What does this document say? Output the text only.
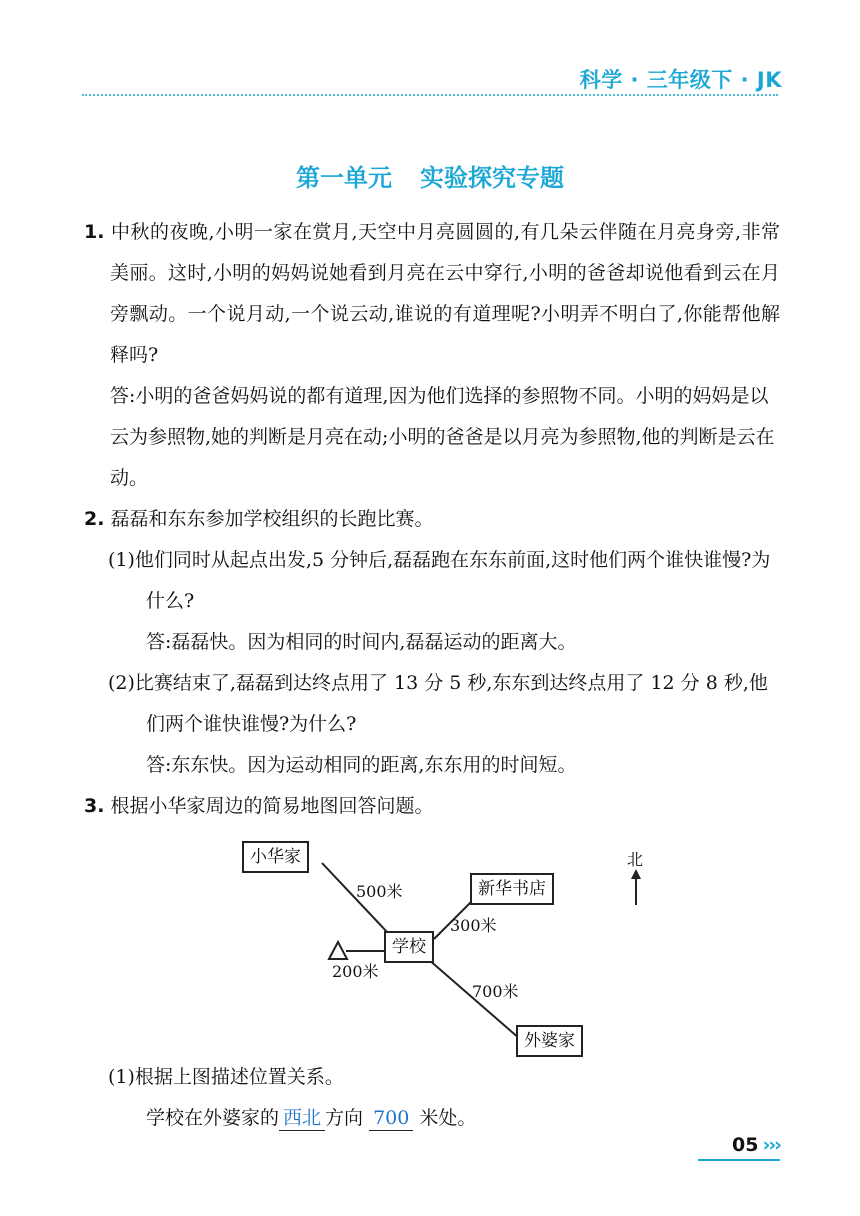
科学 · 三年级下 · JK
第一单元 实验探究专题

1. 中秋的夜晚,小明一家在赏月,天空中月亮圆圆的,有几朵云伴随在月亮身旁,非常美丽。这时,小明的妈妈说她看到月亮在云中穿行,小明的爸爸却说他看到云在月旁飘动。一个说月动,一个说云动,谁说的有道理呢?小明弄不明白了,你能帮他解释吗?

答:小明的爸爸妈妈说的都有道理,因为他们选择的参照物不同。小明的妈妈是以云为参照物,她的判断是月亮在动;小明的爸爸是以月亮为参照物,他的判断是云在动。

2. 磊磊和东东参加学校组织的长跑比赛。

(1)他们同时从起点出发,5 分钟后,磊磊跑在东东前面,这时他们两个谁快谁慢?为什么?

答:磊磊快。因为相同的时间内,磊磊运动的距离大。

(2)比赛结束了,磊磊到达终点用了 13 分 5 秒,东东到达终点用了 12 分 8 秒,他们两个谁快谁慢?为什么?

答:东东快。因为运动相同的距离,东东用的时间短。

3. 根据小华家周边的简易地图回答问题。

小华家
新华书店
学校
外婆家
500米
300米
200米
700米
北

(1)根据上图描述位置关系。

学校在外婆家的 西北 方向 700 米处。

05 ›››
